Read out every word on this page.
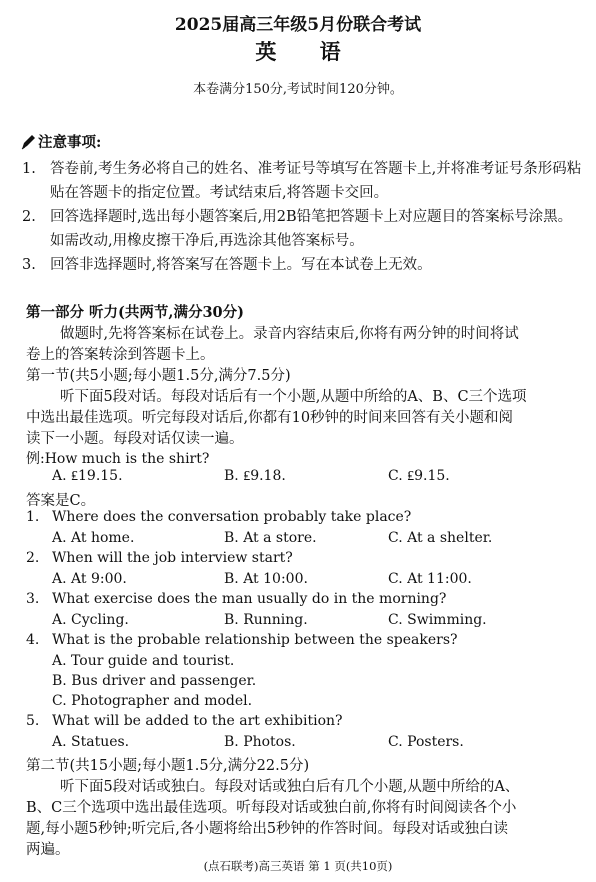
2025届高三年级5月份联合考试
英 语
本卷满分150分,考试时间120分钟。
注意事项:
1. 答卷前,考生务必将自己的姓名、准考证号等填写在答题卡上,并将准考证号条形码粘贴在答题卡的指定位置。考试结束后,将答题卡交回。
2. 回答选择题时,选出每小题答案后,用2B铅笔把答题卡上对应题目的答案标号涂黑。如需改动,用橡皮擦干净后,再选涂其他答案标号。
3. 回答非选择题时,将答案写在答题卡上。写在本试卷上无效。
第一部分 听力(共两节,满分30分)
做题时,先将答案标在试卷上。录音内容结束后,你将有两分钟的时间将试
卷上的答案转涂到答题卡上。
第一节(共5小题;每小题1.5分,满分7.5分)
听下面5段对话。每段对话后有一个小题,从题中所给的A、B、C三个选项
中选出最佳选项。听完每段对话后,你都有10秒钟的时间来回答有关小题和阅
读下一小题。每段对话仅读一遍。
例:How much is the shirt?
A. ₤19.15.	B. ₤9.18.	C. ₤9.15.
答案是C。
1. Where does the conversation probably take place?
A. At home.	B. At a store.	C. At a shelter.
2. When will the job interview start?
A. At 9:00.	B. At 10:00.	C. At 11:00.
3. What exercise does the man usually do in the morning?
A. Cycling.	B. Running.	C. Swimming.
4. What is the probable relationship between the speakers?
A. Tour guide and tourist.
B. Bus driver and passenger.
C. Photographer and model.
5. What will be added to the art exhibition?
A. Statues.	B. Photos.	C. Posters.
第二节(共15小题;每小题1.5分,满分22.5分)
听下面5段对话或独白。每段对话或独白后有几个小题,从题中所给的A、
B、C三个选项中选出最佳选项。听每段对话或独白前,你将有时间阅读各个小
题,每小题5秒钟;听完后,各小题将给出5秒钟的作答时间。每段对话或独白读
两遍。
(点石联考)高三英语 第 1 页(共10页)
